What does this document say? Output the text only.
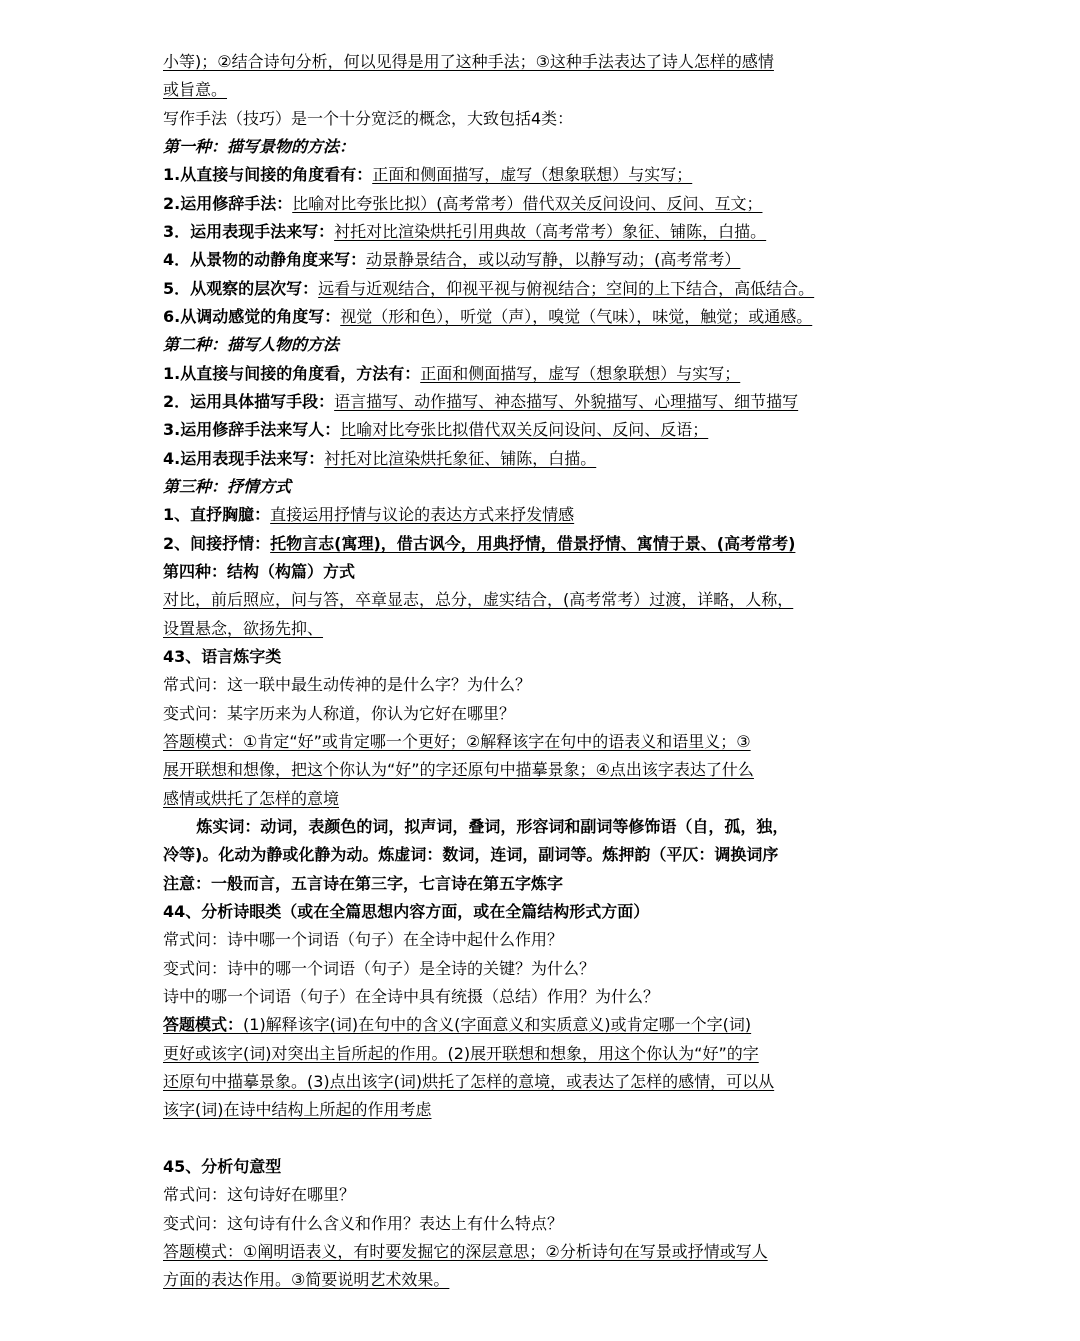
小等)；②结合诗句分析，何以见得是用了这种手法；③这种手法表达了诗人怎样的感情
或旨意。
写作手法（技巧）是一个十分宽泛的概念，大致包括4类：
第一种：描写景物的方法：
1.从直接与间接的角度看有：正面和侧面描写，虚写（想象联想）与实写；
2.运用修辞手法：比喻对比夸张比拟）(高考常考）借代双关反问设问、反问、互文；
3．运用表现手法来写：衬托对比渲染烘托引用典故（高考常考）象征、铺陈，白描。
4．从景物的动静角度来写：动景静景结合，或以动写静，以静写动；(高考常考）
5．从观察的层次写：远看与近观结合，仰视平视与俯视结合；空间的上下结合，高低结合。
6.从调动感觉的角度写：视觉（形和色），听觉（声），嗅觉（气味），味觉，触觉；或通感。
第二种：描写人物的方法
1.从直接与间接的角度看，方法有：正面和侧面描写，虚写（想象联想）与实写；
2．运用具体描写手段：语言描写、动作描写、神态描写、外貌描写、心理描写、细节描写
3.运用修辞手法来写人：比喻对比夸张比拟借代双关反问设问、反问、反语；
4.运用表现手法来写：衬托对比渲染烘托象征、铺陈，白描。
第三种：抒情方式
1、直抒胸臆：直接运用抒情与议论的表达方式来抒发情感
2、间接抒情：托物言志(寓理)，借古讽今，用典抒情，借景抒情、寓情于景、(高考常考)
第四种：结构（构篇）方式
对比，前后照应，问与答，卒章显志，总分，虚实结合，(高考常考）过渡，详略，人称，
设置悬念，欲扬先抑、
43、语言炼字类
常式问：这一联中最生动传神的是什么字？为什么？
变式问：某字历来为人称道，你认为它好在哪里？
答题模式：①肯定“好”或肯定哪一个更好；②解释该字在句中的语表义和语里义；③
展开联想和想像，把这个你认为“好”的字还原句中描摹景象；④点出该字表达了什么
感情或烘托了怎样的意境
炼实词：动词，表颜色的词，拟声词，叠词，形容词和副词等修饰语（自，孤，独，
冷等)。化动为静或化静为动。炼虚词：数词，连词，副词等。炼押韵（平仄：调换词序
注意：一般而言，五言诗在第三字，七言诗在第五字炼字
44、分析诗眼类（或在全篇思想内容方面，或在全篇结构形式方面）
常式问：诗中哪一个词语（句子）在全诗中起什么作用？
变式问：诗中的哪一个词语（句子）是全诗的关键？为什么？
诗中的哪一个词语（句子）在全诗中具有统摄（总结）作用？为什么？
答题模式：(1)解释该字(词)在句中的含义(字面意义和实质意义)或肯定哪一个字(词)
更好或该字(词)对突出主旨所起的作用。(2)展开联想和想象，用这个你认为“好”的字
还原句中描摹景象。(3)点出该字(词)烘托了怎样的意境，或表达了怎样的感情，可以从
该字(词)在诗中结构上所起的作用考虑
45、分析句意型
常式问：这句诗好在哪里？
变式问：这句诗有什么含义和作用？表达上有什么特点？
答题模式：①阐明语表义，有时要发掘它的深层意思；②分析诗句在写景或抒情或写人
方面的表达作用。③简要说明艺术效果。
